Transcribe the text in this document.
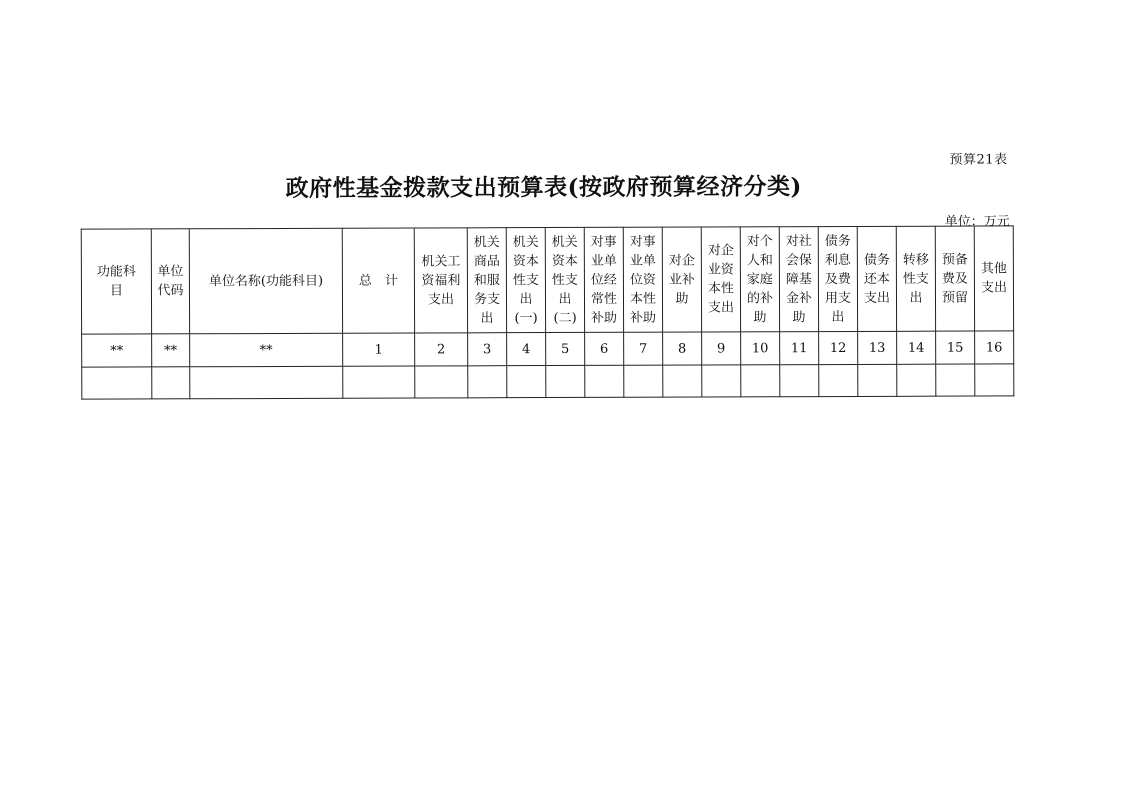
预算21表
政府性基金拨款支出预算表(按政府预算经济分类)
单位：万元
功能科目	单位代码	单位名称(功能科目)	总　计	机关工资福利支出	机关商品和服务支出	机关资本性支出(一)	机关资本性支出(二)	对事业单位经常性补助	对事业单位资本性补助	对企业补助	对企业资本性支出	对个人和家庭的补助	对社会保障基金补助	债务利息及费用支出	债务还本支出	转移性支出	预备费及预留	其他支出

**	**	**	1	2	3	4	5	6	7	8	9	10	11	12	13	14	15	16
